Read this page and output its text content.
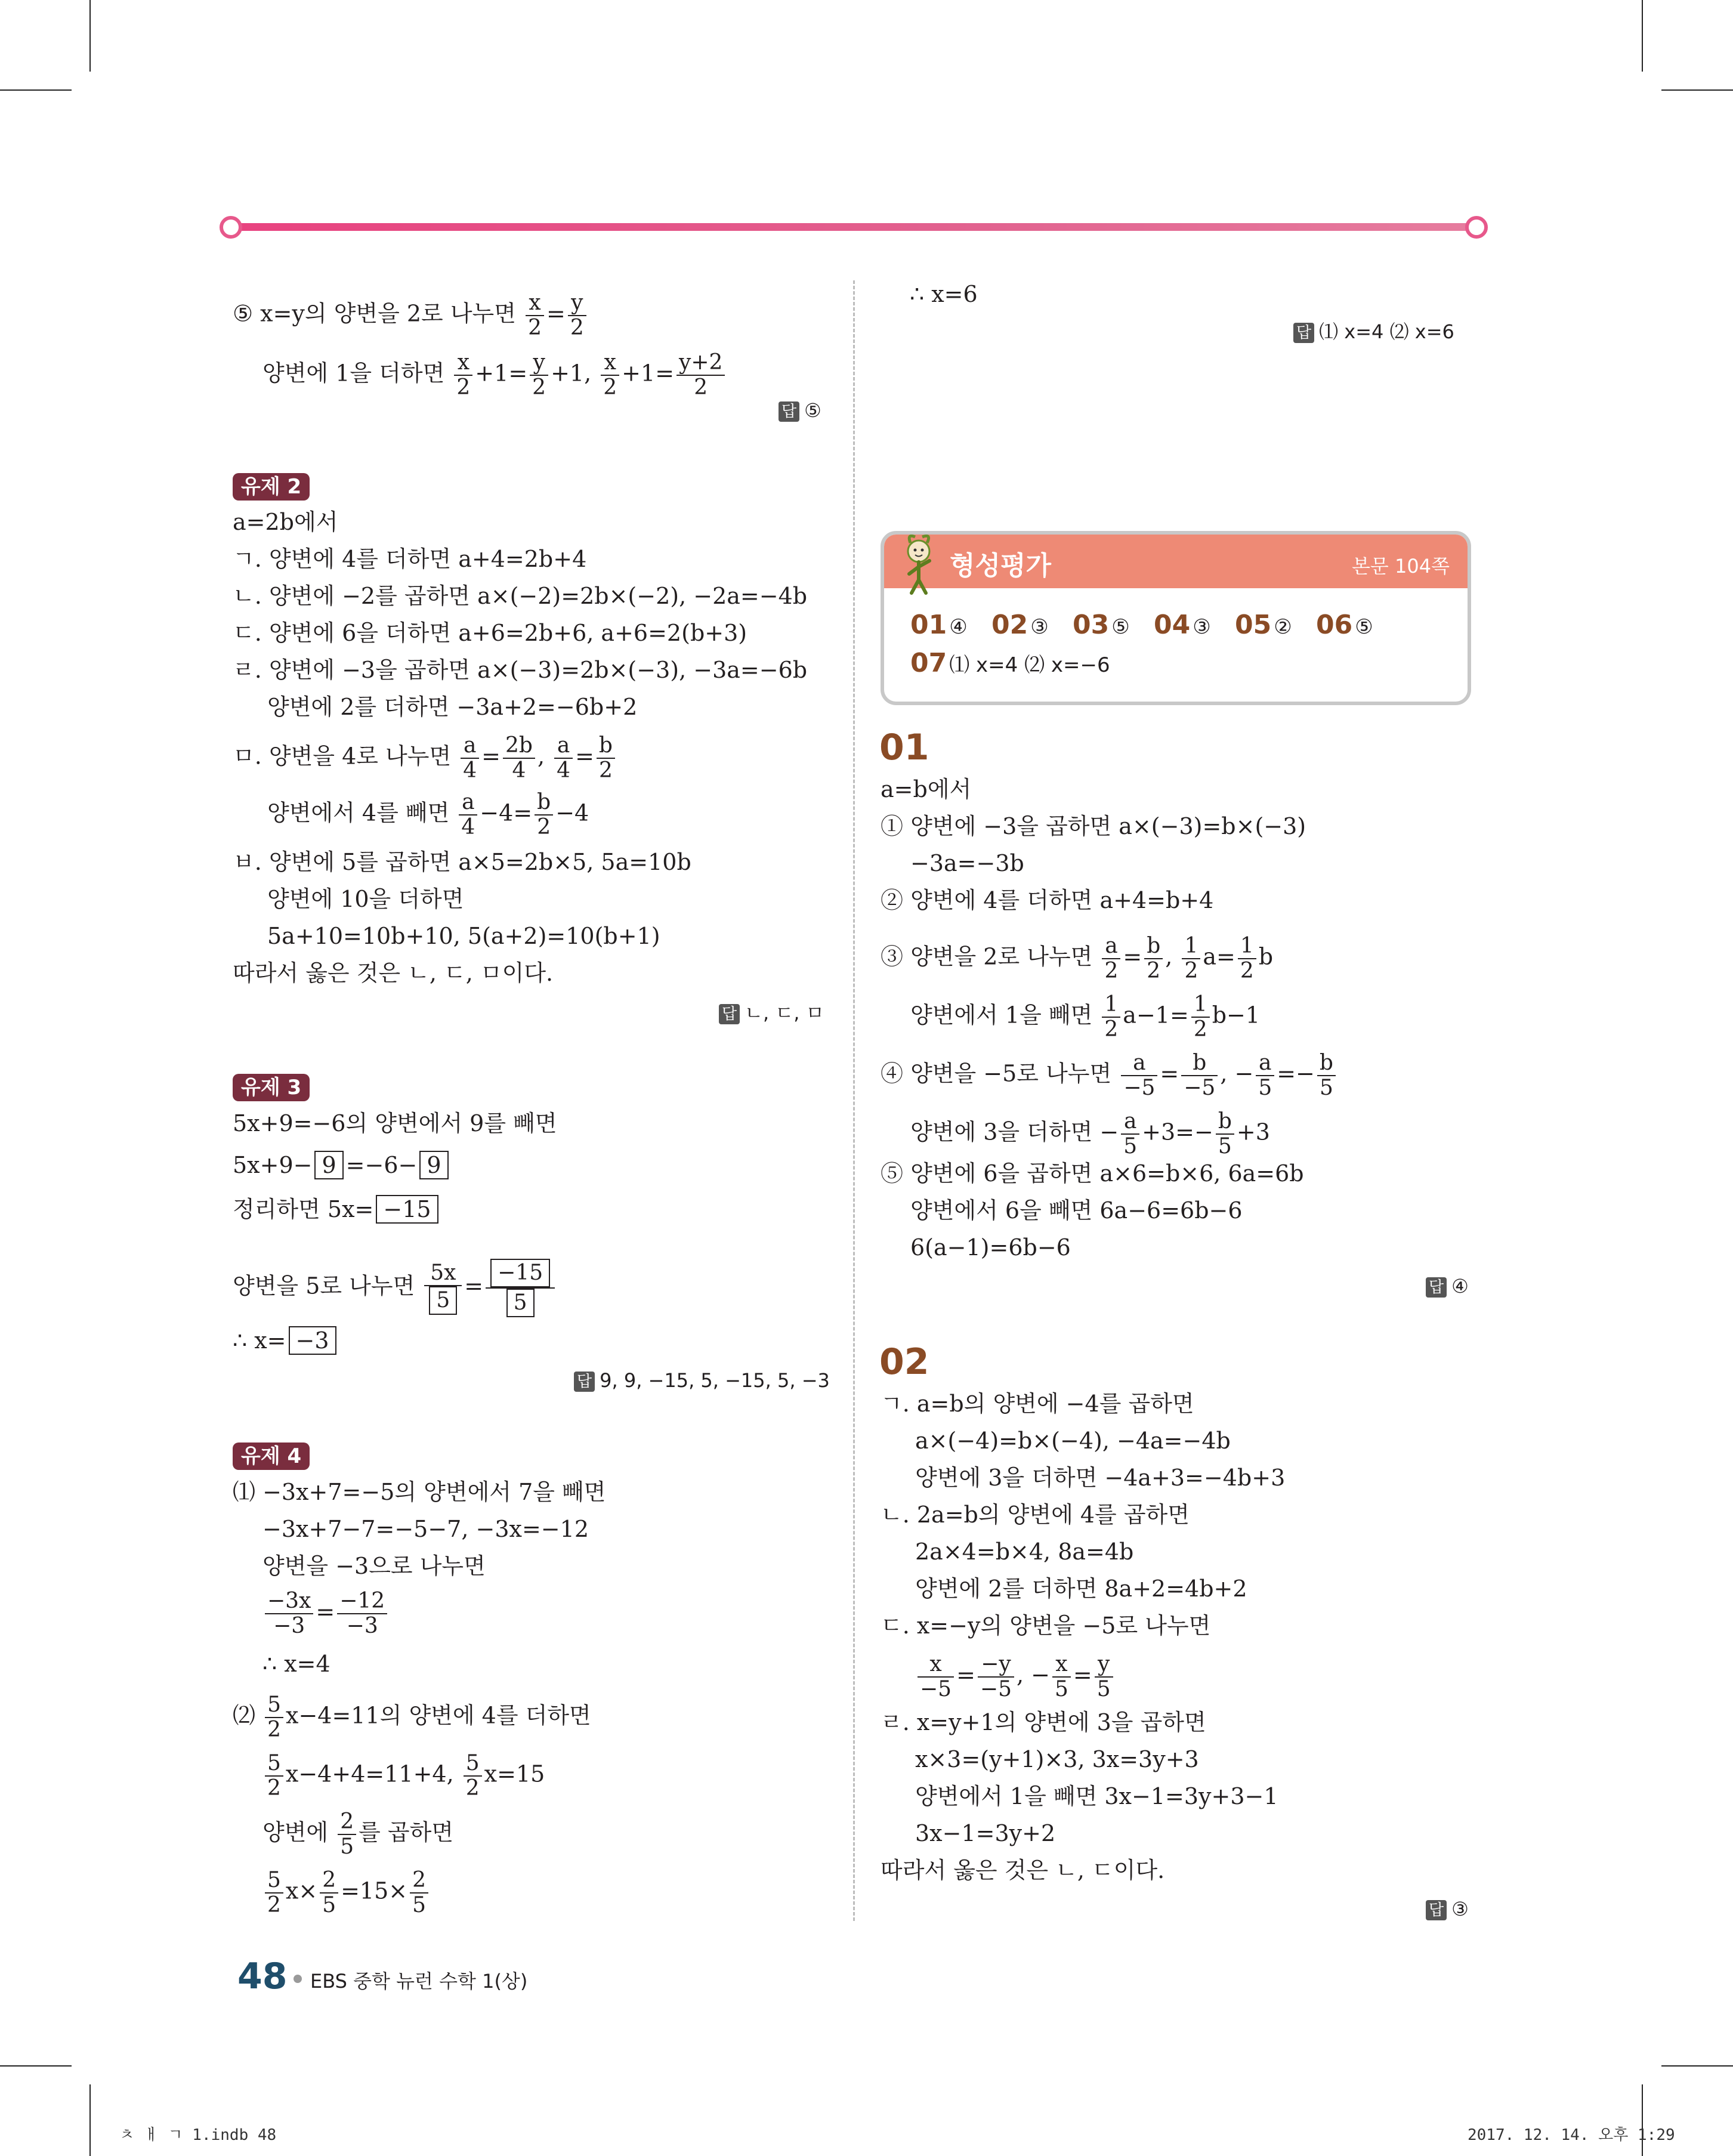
⑤ x=y의 양변을 2로 나누면 $\frac{x}{2} = \frac{y}{2}$
양변에 1을 더하면 $\frac{x}{2} +1= \frac{y}{2} +1$, $\frac{x}{2} +1= \frac{y+2}{2}$
답 ⑤
유제 2
a=2b에서
ㄱ. 양변에 4를 더하면 a+4=2b+4
ㄴ. 양변에 −2를 곱하면 a×(−2)=2b×(−2), −2a=−4b
ㄷ. 양변에 6을 더하면 a+6=2b+6, a+6=2(b+3)
ㄹ. 양변에 −3을 곱하면 a×(−3)=2b×(−3), −3a=−6b
양변에 2를 더하면 −3a+2=−6b+2
ㅁ. 양변을 4로 나누면 $\frac{a}{4} = \frac{2b}{4}$ , $\frac{a}{4} = \frac{b}{2}$
양변에서 4를 빼면 $\frac{a}{4} -4= \frac{b}{2} -4$
ㅂ. 양변에 5를 곱하면 a×5=2b×5, 5a=10b
양변에 10을 더하면
5a+10=10b+10, 5(a+2)=10(b+1)
따라서 옳은 것은 ㄴ, ㄷ, ㅁ이다.
답 ㄴ, ㄷ, ㅁ
유제 3
5x+9=−6의 양변에서 9를 빼면
5x+9− 9 =−6− 9
정리하면 5x= −15
양변을 5로 나누면 $\frac{5x}{5} = \frac{-15}{5}$
∴ x= −3
답 9, 9, −15, 5, −15, 5, −3
유제 4
⑴ −3x+7=−5의 양변에서 7을 빼면
−3x+7−7=−5−7, −3x=−12
양변을 −3으로 나누면
$\frac{-3x}{-3} = \frac{-12}{-3}$
∴ x=4
⑵ $\frac{5}{2} x-4=11$의 양변에 4를 더하면
$\frac{5}{2} x-4+4=11+4$, $\frac{5}{2} x=15$
양변에 $\frac{2}{5}$ 를 곱하면
$\frac{5}{2} x\times \frac{2}{5} =15\times \frac{2}{5}$
∴ x=6
답 ⑴ x=4 ⑵ x=6
형성평가	본문 104쪽
01 ④ 02 ③ 03 ⑤ 04 ③ 05 ② 06 ⑤
07 ⑴ x=4 ⑵ x=−6
01
a=b에서
① 양변에 −3을 곱하면 a×(−3)=b×(−3)
−3a=−3b
② 양변에 4를 더하면 a+4=b+4
③ 양변을 2로 나누면 $\frac{a}{2} = \frac{b}{2}$ , $\frac{1}{2} a= \frac{1}{2}$ b
양변에서 1을 빼면 $\frac{1}{2} a-1= \frac{1}{2} b-1$
④ 양변을 −5로 나누면 $\frac{a}{-5} = \frac{b}{-5}$ , − $\frac{a}{5} =- \frac{b}{5}$
양변에 3을 더하면 − $\frac{a}{5} +3=- \frac{b}{5} +3$
⑤ 양변에 6을 곱하면 a×6=b×6, 6a=6b
양변에서 6을 빼면 6a−6=6b−6
6(a−1)=6b−6
답 ④
02
ㄱ. a=b의 양변에 −4를 곱하면
a×(−4)=b×(−4), −4a=−4b
양변에 3을 더하면 −4a+3=−4b+3
ㄴ. 2a=b의 양변에 4를 곱하면
2a×4=b×4, 8a=4b
양변에 2를 더하면 8a+2=4b+2
ㄷ. x=−y의 양변을 −5로 나누면
$\frac{x}{-5} = \frac{-y}{-5}$ , − $\frac{x}{5} = \frac{y}{5}$
ㄹ. x=y+1의 양변에 3을 곱하면
x×3=(y+1)×3, 3x=3y+3
양변에서 1을 빼면 3x−1=3y+3−1
3x−1=3y+2
따라서 옳은 것은 ㄴ, ㄷ이다.
답 ③
48 EBS 중학 뉴런 수학 1(상)
ㅊ ㅐ ㄱ 1.indb 48	2017. 12. 14. 오후 1:29
